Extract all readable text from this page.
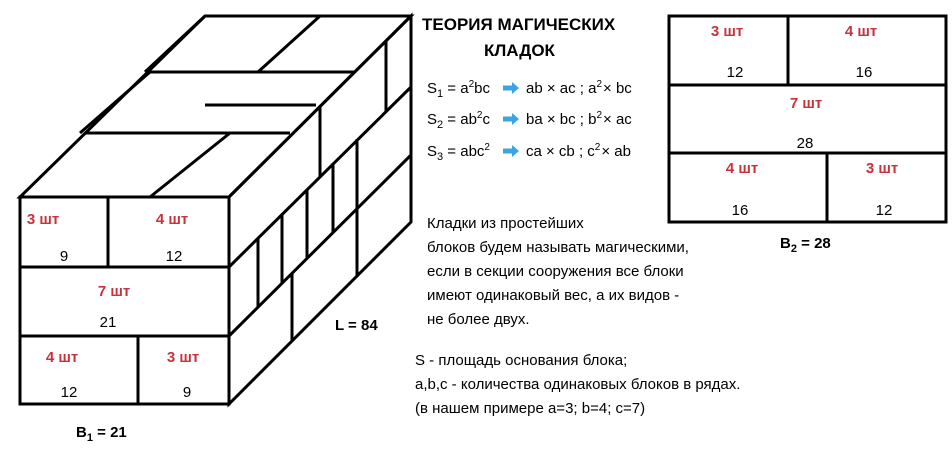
3 шт
9
4 шт
12
7 шт
21
4 шт
12
3 шт
9
L = 84
$B_1 = 21$
ТЕОРИЯ МАГИЧЕСКИХ
КЛАДОК
$S_1 = a^2bc$ ab × ac ; $a^2\times$ bc
$S_2 = ab^2c$ ba × bc ; $b^2\times$ ac
$S_3 = abc^2$ ca × cb ; $c^2\times$ ab
Кладки из простейших
блоков будем называть магическими,
если в секции сооружения все блоки
имеют одинаковый вес, а их видов -
не более двух.
S - площадь основания блока;
a,b,c - количества одинаковых блоков в рядах.
(в нашем примере a=3; b=4; c=7)
3 шт
12
4 шт
16
7 шт
28
4 шт
16
3 шт
12
$B_2 = 28$
